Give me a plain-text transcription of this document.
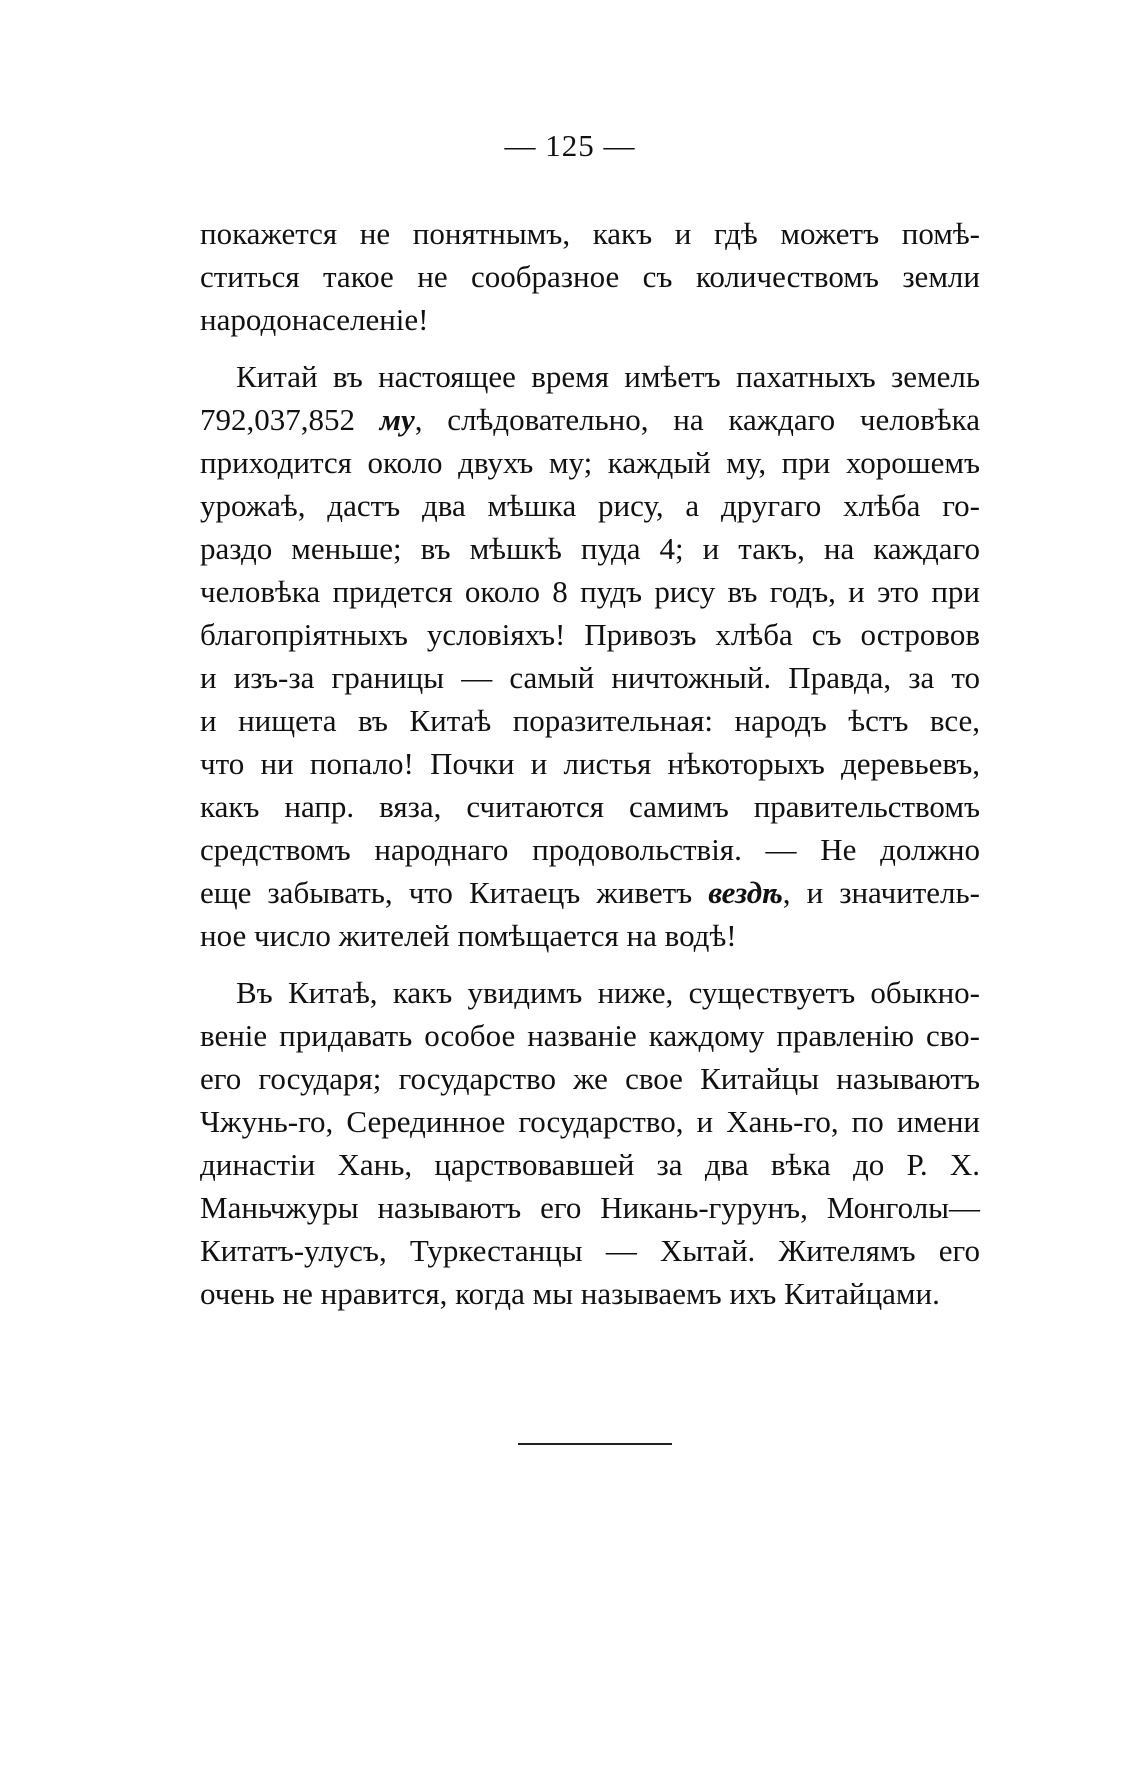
— 125 —
покажется не понятнымъ, какъ и гдѣ можетъ помѣ-
ститься такое не сообразное съ количествомъ земли
народонаселеніе!
Китай въ настоящее время имѣетъ пахатныхъ земель
792,037,852 му, слѣдовательно, на каждаго человѣка
приходится около двухъ му; каждый му, при хорошемъ
урожаѣ, дастъ два мѣшка рису, а другаго хлѣба го-
раздо меньше; въ мѣшкѣ пуда 4; и такъ, на каждаго
человѣка придется около 8 пудъ рису въ годъ, и это при
благопріятныхъ условіяхъ! Привозъ хлѣба съ островов
и изъ-за границы — самый ничтожный. Правда, за то
и нищета въ Китаѣ поразительная: народъ ѣстъ все,
что ни попало! Почки и листья нѣкоторыхъ деревьевъ,
какъ напр. вяза, считаются самимъ правительствомъ
средствомъ народнаго продовольствія. — Не должно
еще забывать, что Китаецъ живетъ вездѣ, и значитель-
ное число жителей помѣщается на водѣ!
Въ Китаѣ, какъ увидимъ ниже, существуетъ обыкно-
веніе придавать особое названіе каждому правленію сво-
его государя; государство же свое Китайцы называютъ
Чжунь-го, Серединное государство, и Хань-го, по имени
династіи Хань, царствовавшей за два вѣка до Р. Х.
Маньчжуры называютъ его Никань-гурунъ, Монголы—
Китатъ-улусъ, Туркестанцы — Хытай. Жителямъ его
очень не нравится, когда мы называемъ ихъ Китайцами.
